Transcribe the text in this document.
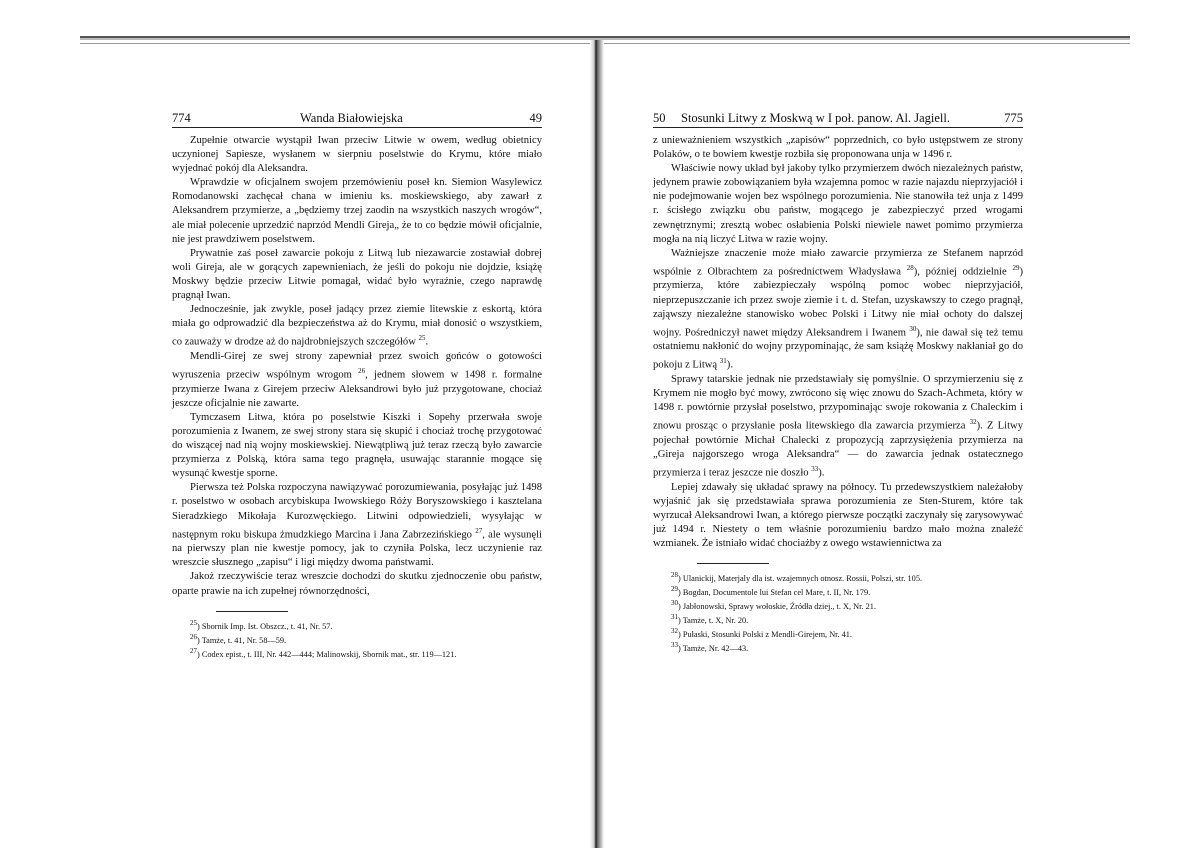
774	Wanda Białowiejska	49

Zupełnie otwarcie wystąpił Iwan przeciw Litwie w owem, według obietnicy uczynionej Sapiesze, wysłanem w sierpniu poselstwie do Krymu, które miało wyjednać pokój dla Aleksandra.

Wprawdzie w oficjalnem swojem przemówieniu poseł kn. Siemion Wasylewicz Romodanowski zachęcał chana w imieniu ks. moskiewskiego, aby zawarł z Aleksandrem przymierze, a „będziemy trzej zaodin na wszystkich naszych wrogów“, ale miał polecenie uprzedzić naprzód Mendli Gireja„ że to co będzie mówił oficjalnie, nie jest prawdziwem poselstwem.

Prywatnie zaś poseł zawarcie pokoju z Litwą lub niezawarcie zostawiał dobrej woli Gireja, ale w gorących zapewnieniach, że jeśli do pokoju nie dojdzie, książę Moskwy będzie przeciw Litwie pomagał, widać było wyraźnie, czego naprawdę pragnął Iwan.

Jednocześnie, jak zwykle, poseł jadący przez ziemie litewskie z eskortą, która miała go odprowadzić dla bezpieczeństwa aż do Krymu, miał donosić o wszystkiem, co zauważy w drodze aż do najdrobniejszych szczegółów $^{25}$.

Mendli-Girej ze swej strony zapewniał przez swoich gońców o gotowości wyruszenia przeciw wspólnym wrogom $^{26}$, jednem słowem w 1498 r. formalne przymierze Iwana z Girejem przeciw Aleksandrowi było już przygotowane, chociaż jeszcze oficjalnie nie zawarte.

Tymczasem Litwa, która po poselstwie Kiszki i Sopehy przerwała swoje porozumienia z Iwanem, ze swej strony stara się skupić i chociaż trochę przygotować do wiszącej nad nią wojny moskiewskiej. Niewątpliwą już teraz rzeczą było zawarcie przymierza z Polską, która sama tego pragnęła, usuwając starannie mogące się wysunąć kwestje sporne.

Pierwsza też Polska rozpoczyna nawiązywać porozumiewania, posyłając już 1498 r. poselstwo w osobach arcybiskupa Iwowskiego Róży Boryszowskiego i kasztelana Sieradzkiego Mikołaja Kurozwęckiego. Litwini odpowiedzieli, wysyłając w następnym roku biskupa żmudzkiego Marcina i Jana Zabrzezińskiego $^{27}$, ale wysunęli na pierwszy plan nie kwestje pomocy, jak to czyniła Polska, lecz uczynienie raz wreszcie słusznego „zapisu“ i ligi między dwoma państwami.

Jakoż rzeczywiście teraz wreszcie dochodzi do skutku zjednoczenie obu państw, oparte prawie na ich zupełnej równorzędności,

$^{25}$) Sbornik Imp. Ist. Obszcz., t. 41, Nr. 57.
$^{26}$) Tamże, t. 41, Nr. 58—59.
$^{27}$) Codex epist., t. III, Nr. 442—444; Malinowskij, Sbornik mat., str. 119—121.
50 Stosunki Litwy z Moskwą w I poł. panow. Al. Jagiell.	775

z unieważnieniem wszystkich „zapisów“ poprzednich, co było ustępstwem ze strony Polaków, o te bowiem kwestje rozbiła się proponowana unja w 1496 r.

Właściwie nowy układ był jakoby tylko przymierzem dwóch niezależnych państw, jedynem prawie zobowiązaniem była wzajemna pomoc w razie najazdu nieprzyjaciół i nie podejmowanie wojen bez wspólnego porozumienia. Nie stanowiła też unja z 1499 r. ścisłego związku obu państw, mogącego je zabezpieczyć przed wrogami zewnętrznymi; zresztą wobec osłabienia Polski niewiele nawet pomimo przymierza mogła na nią liczyć Litwa w razie wojny.

Ważniejsze znaczenie może miało zawarcie przymierza ze Stefanem naprzód wspólnie z Olbrachtem za pośrednictwem Władysława $^{28}$), później oddzielnie $^{29}$) przymierza, które zabiezpieczały wspólną pomoc wobec nieprzyjaciół, nieprzepuszczanie ich przez swoje ziemie i t. d. Stefan, uzyskawszy to czego pragnął, zająwszy niezależne stanowisko wobec Polski i Litwy nie miał ochoty do dalszej wojny. Pośredniczył nawet między Aleksandrem i Iwanem $^{30}$), nie dawał się też temu ostatniemu nakłonić do wojny przypominając, że sam książę Moskwy nakłaniał go do pokoju z Litwą $^{31}$).

Sprawy tatarskie jednak nie przedstawiały się pomyślnie. O sprzymierzeniu się z Krymem nie mogło być mowy, zwrócono się więc znowu do Szach-Achmeta, który w 1498 r. powtórnie przysłał poselstwo, przypominając swoje rokowania z Chaleckim i znowu prosząc o przysłanie posła litewskiego dla zawarcia przymierza $^{32}$). Z Litwy pojechał powtórnie Michał Chalecki z propozycją zaprzysiężenia przymierza na „Gireja najgorszego wroga Aleksandra“ — do zawarcia jednak ostatecznego przymierza i teraz jeszcze nie doszło $^{33}$).

Lepiej zdawały się układać sprawy na północy. Tu przedewszystkiem należałoby wyjaśnić jak się przedstawiała sprawa porozumienia ze Sten-Sturem, które tak wyrzucał Aleksandrowi Iwan, a którego pierwsze początki zaczynały się zarysowywać już 1494 r. Niestety o tem właśnie porozumieniu bardzo mało można znaleźć wzmianek. Że istniało widać chociażby z owego wstawiennictwa za

$^{28}$) Ulanickij, Materjaly dla ist. wzajemnych otnosz. Rossii, Polszi, str. 105.
$^{29}$) Bogdan, Documentole lui Stefan cel Mare, t. II, Nr. 179.
$^{30}$) Jabłonowski, Sprawy wołoskie, Źródła dziej., t. X, Nr. 21.
$^{31}$) Tamże, t. X, Nr. 20.
$^{32}$) Pułaski, Stosunki Polski z Mendli-Girejem, Nr. 41.
$^{33}$) Tamże, Nr. 42—43.
